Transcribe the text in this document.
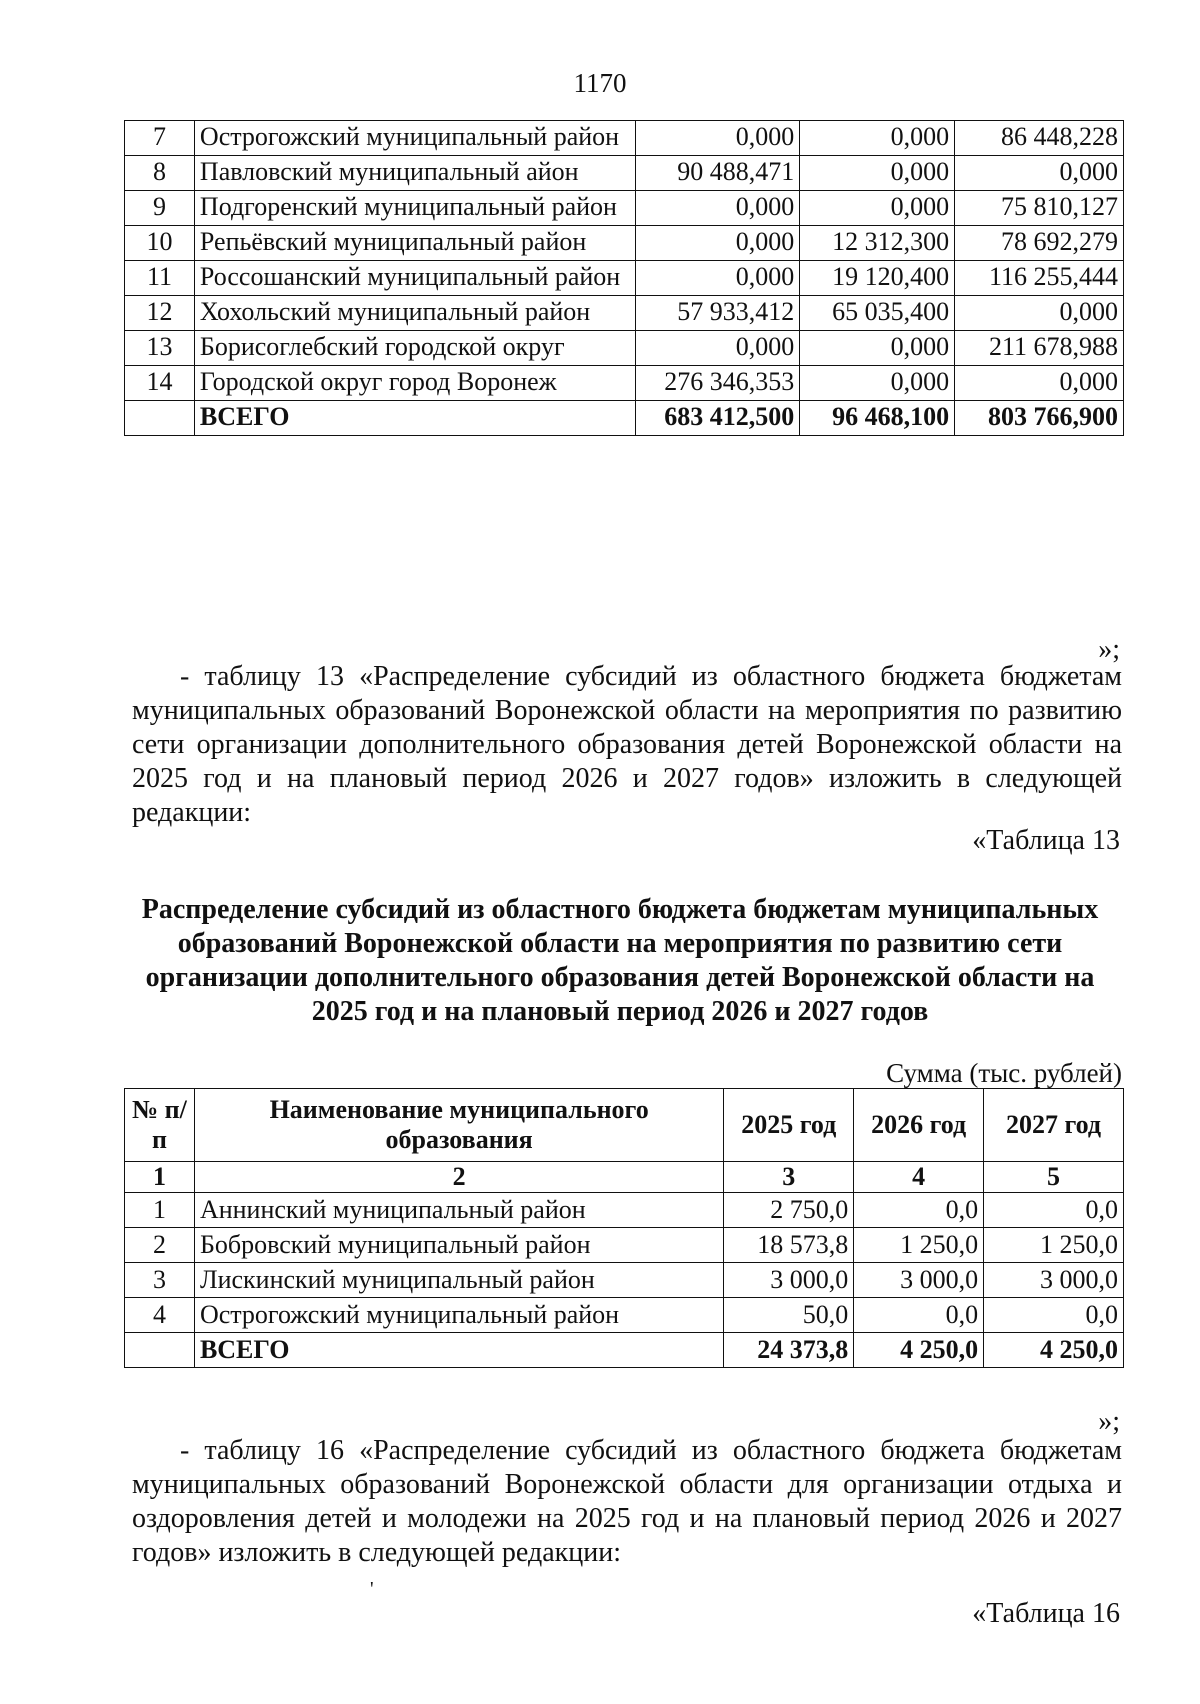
1170
7	Острогожский муниципальный район	0,000	0,000	86 448,228
8	Павловский муниципальный айон	90 488,471	0,000	0,000
9	Подгоренский муниципальный район	0,000	0,000	75 810,127
10	Репьёвский муниципальный район	0,000	12 312,300	78 692,279
11	Россошанский муниципальный район	0,000	19 120,400	116 255,444
12	Хохольский муниципальный район	57 933,412	65 035,400	0,000
13	Борисоглебский городской округ	0,000	0,000	211 678,988
14	Городской округ город Воронеж	276 346,353	0,000	0,000
	ВСЕГО	683 412,500	96 468,100	803 766,900
»;
- таблицу 13 «Распределение субсидий из областного бюджета бюджетам муниципальных образований Воронежской области на мероприятия по развитию сети организации дополнительного образования детей Воронежской области на 2025 год и на плановый период 2026 и 2027 годов» изложить в следующей редакции:
«Таблица 13
Распределение субсидий из областного бюджета бюджетам муниципальных образований Воронежской области на мероприятия по развитию сети организации дополнительного образования детей Воронежской области на 2025 год и на плановый период 2026 и 2027 годов
Сумма (тыс. рублей)
№ п/п	Наименование муниципального образования	2025 год	2026 год	2027 год
1	2	3	4	5
1	Аннинский муниципальный район	2 750,0	0,0	0,0
2	Бобровский муниципальный район	18 573,8	1 250,0	1 250,0
3	Лискинский муниципальный район	3 000,0	3 000,0	3 000,0
4	Острогожский муниципальный район	50,0	0,0	0,0
	ВСЕГО	24 373,8	4 250,0	4 250,0
»;
- таблицу 16 «Распределение субсидий из областного бюджета бюджетам муниципальных образований Воронежской области для организации отдыха и оздоровления детей и молодежи на 2025 год и на плановый период 2026 и 2027 годов» изложить в следующей редакции:
'
«Таблица 16
